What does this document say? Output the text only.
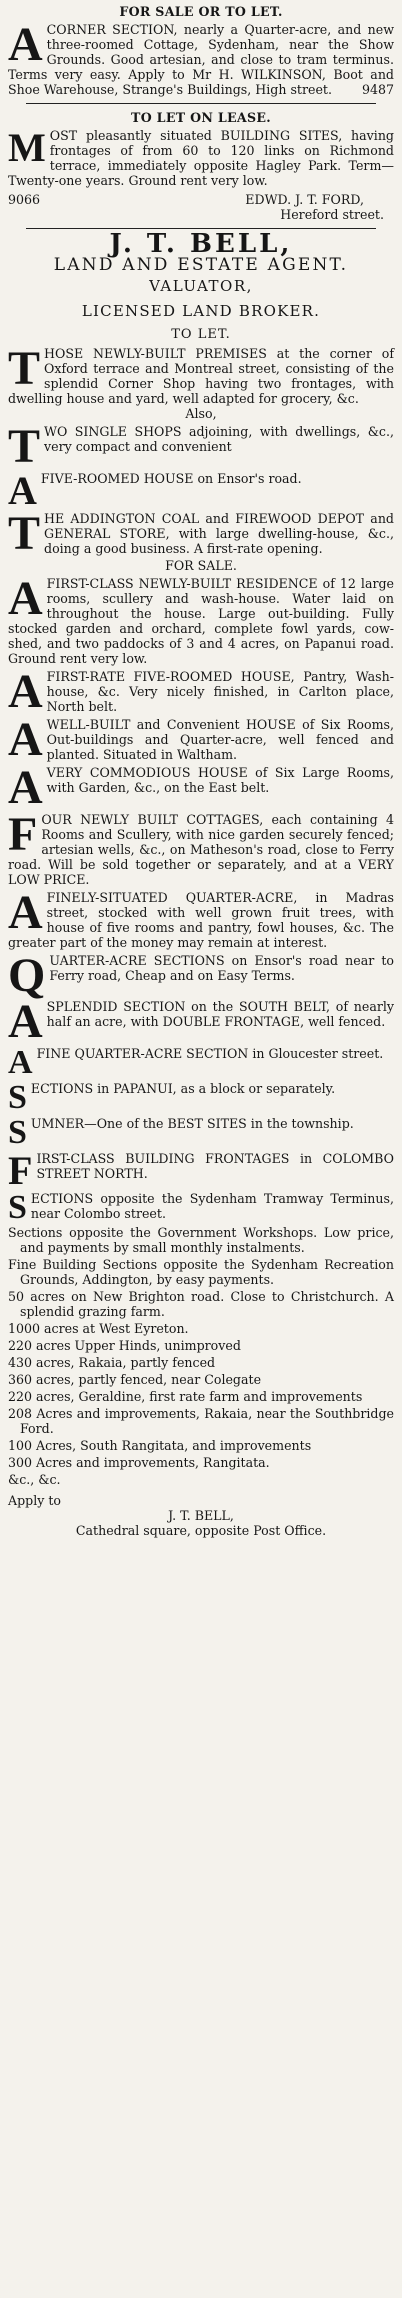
FOR SALE OR TO LET.
A CORNER SECTION, nearly a Quarter-acre, and new three-roomed Cottage, Sydenham, near the Show Grounds. Good artesian, and close to tram terminus. Terms very easy. Apply to Mr H. WILKINSON, Boot and Shoe Warehouse, Strange's Buildings, High street. 9487
TO LET ON LEASE.
M OST pleasantly situated BUILDING SITES, having frontages of from 60 to 120 links on Richmond terrace, immediately opposite Hagley Park. Term—Twenty-one years. Ground rent very low.
9066	EDWD. J. T. FORD,
Hereford street.
J. T. BELL,
LAND AND ESTATE AGENT.
VALUATOR,
LICENSED LAND BROKER.
TO LET.
T HOSE NEWLY-BUILT PREMISES at the corner of Oxford terrace and Montreal street, consisting of the splendid Corner Shop having two frontages, with dwelling house and yard, well adapted for grocery, &c.
Also,
T WO SINGLE SHOPS adjoining, with dwellings, &c., very compact and convenient
A FIVE-ROOMED HOUSE on Ensor's road.
T HE ADDINGTON COAL and FIREWOOD DEPOT and GENERAL STORE, with large dwelling-house, &c., doing a good business. A first-rate opening.
FOR SALE.
A FIRST-CLASS NEWLY-BUILT RESIDENCE of 12 large rooms, scullery and wash-house. Water laid on throughout the house. Large out-building. Fully stocked garden and orchard, complete fowl yards, cow-shed, and two paddocks of 3 and 4 acres, on Papanui road. Ground rent very low.
A FIRST-RATE FIVE-ROOMED HOUSE, Pantry, Wash-house, &c. Very nicely finished, in Carlton place, North belt.
A WELL-BUILT and Convenient HOUSE of Six Rooms, Out-buildings and Quarter-acre, well fenced and planted. Situated in Waltham.
A VERY COMMODIOUS HOUSE of Six Large Rooms, with Garden, &c., on the East belt.
F OUR NEWLY BUILT COTTAGES, each containing 4 Rooms and Scullery, with nice garden securely fenced; artesian wells, &c., on Matheson's road, close to Ferry road. Will be sold together or separately, and at a VERY LOW PRICE.
A FINELY-SITUATED QUARTER-ACRE, in Madras street, stocked with well grown fruit trees, with house of five rooms and pantry, fowl houses, &c. The greater part of the money may remain at interest.
Q UARTER-ACRE SECTIONS on Ensor's road near to Ferry road, Cheap and on Easy Terms.
A SPLENDID SECTION on the SOUTH BELT, of nearly half an acre, with DOUBLE FRONTAGE, well fenced.
A FINE QUARTER-ACRE SECTION in Gloucester street.
S ECTIONS in PAPANUI, as a block or separately.
S UMNER—One of the BEST SITES in the township.
F IRST-CLASS BUILDING FRONTAGES in COLOMBO STREET NORTH.
S ECTIONS opposite the Sydenham Tramway Terminus, near Colombo street.
Sections opposite the Government Workshops. Low price, and payments by small monthly instalments.
Fine Building Sections opposite the Sydenham Recreation Grounds, Addington, by easy payments.
50 acres on New Brighton road. Close to Christchurch. A splendid grazing farm.
1000 acres at West Eyreton.
220 acres Upper Hinds, unimproved
430 acres, Rakaia, partly fenced
360 acres, partly fenced, near Colegate
220 acres, Geraldine, first rate farm and improvements
208 Acres and improvements, Rakaia, near the Southbridge Ford.
100 Acres, South Rangitata, and improvements
300 Acres and improvements, Rangitata.
&c., &c.
Apply to
J. T. BELL,
Cathedral square, opposite Post Office.
